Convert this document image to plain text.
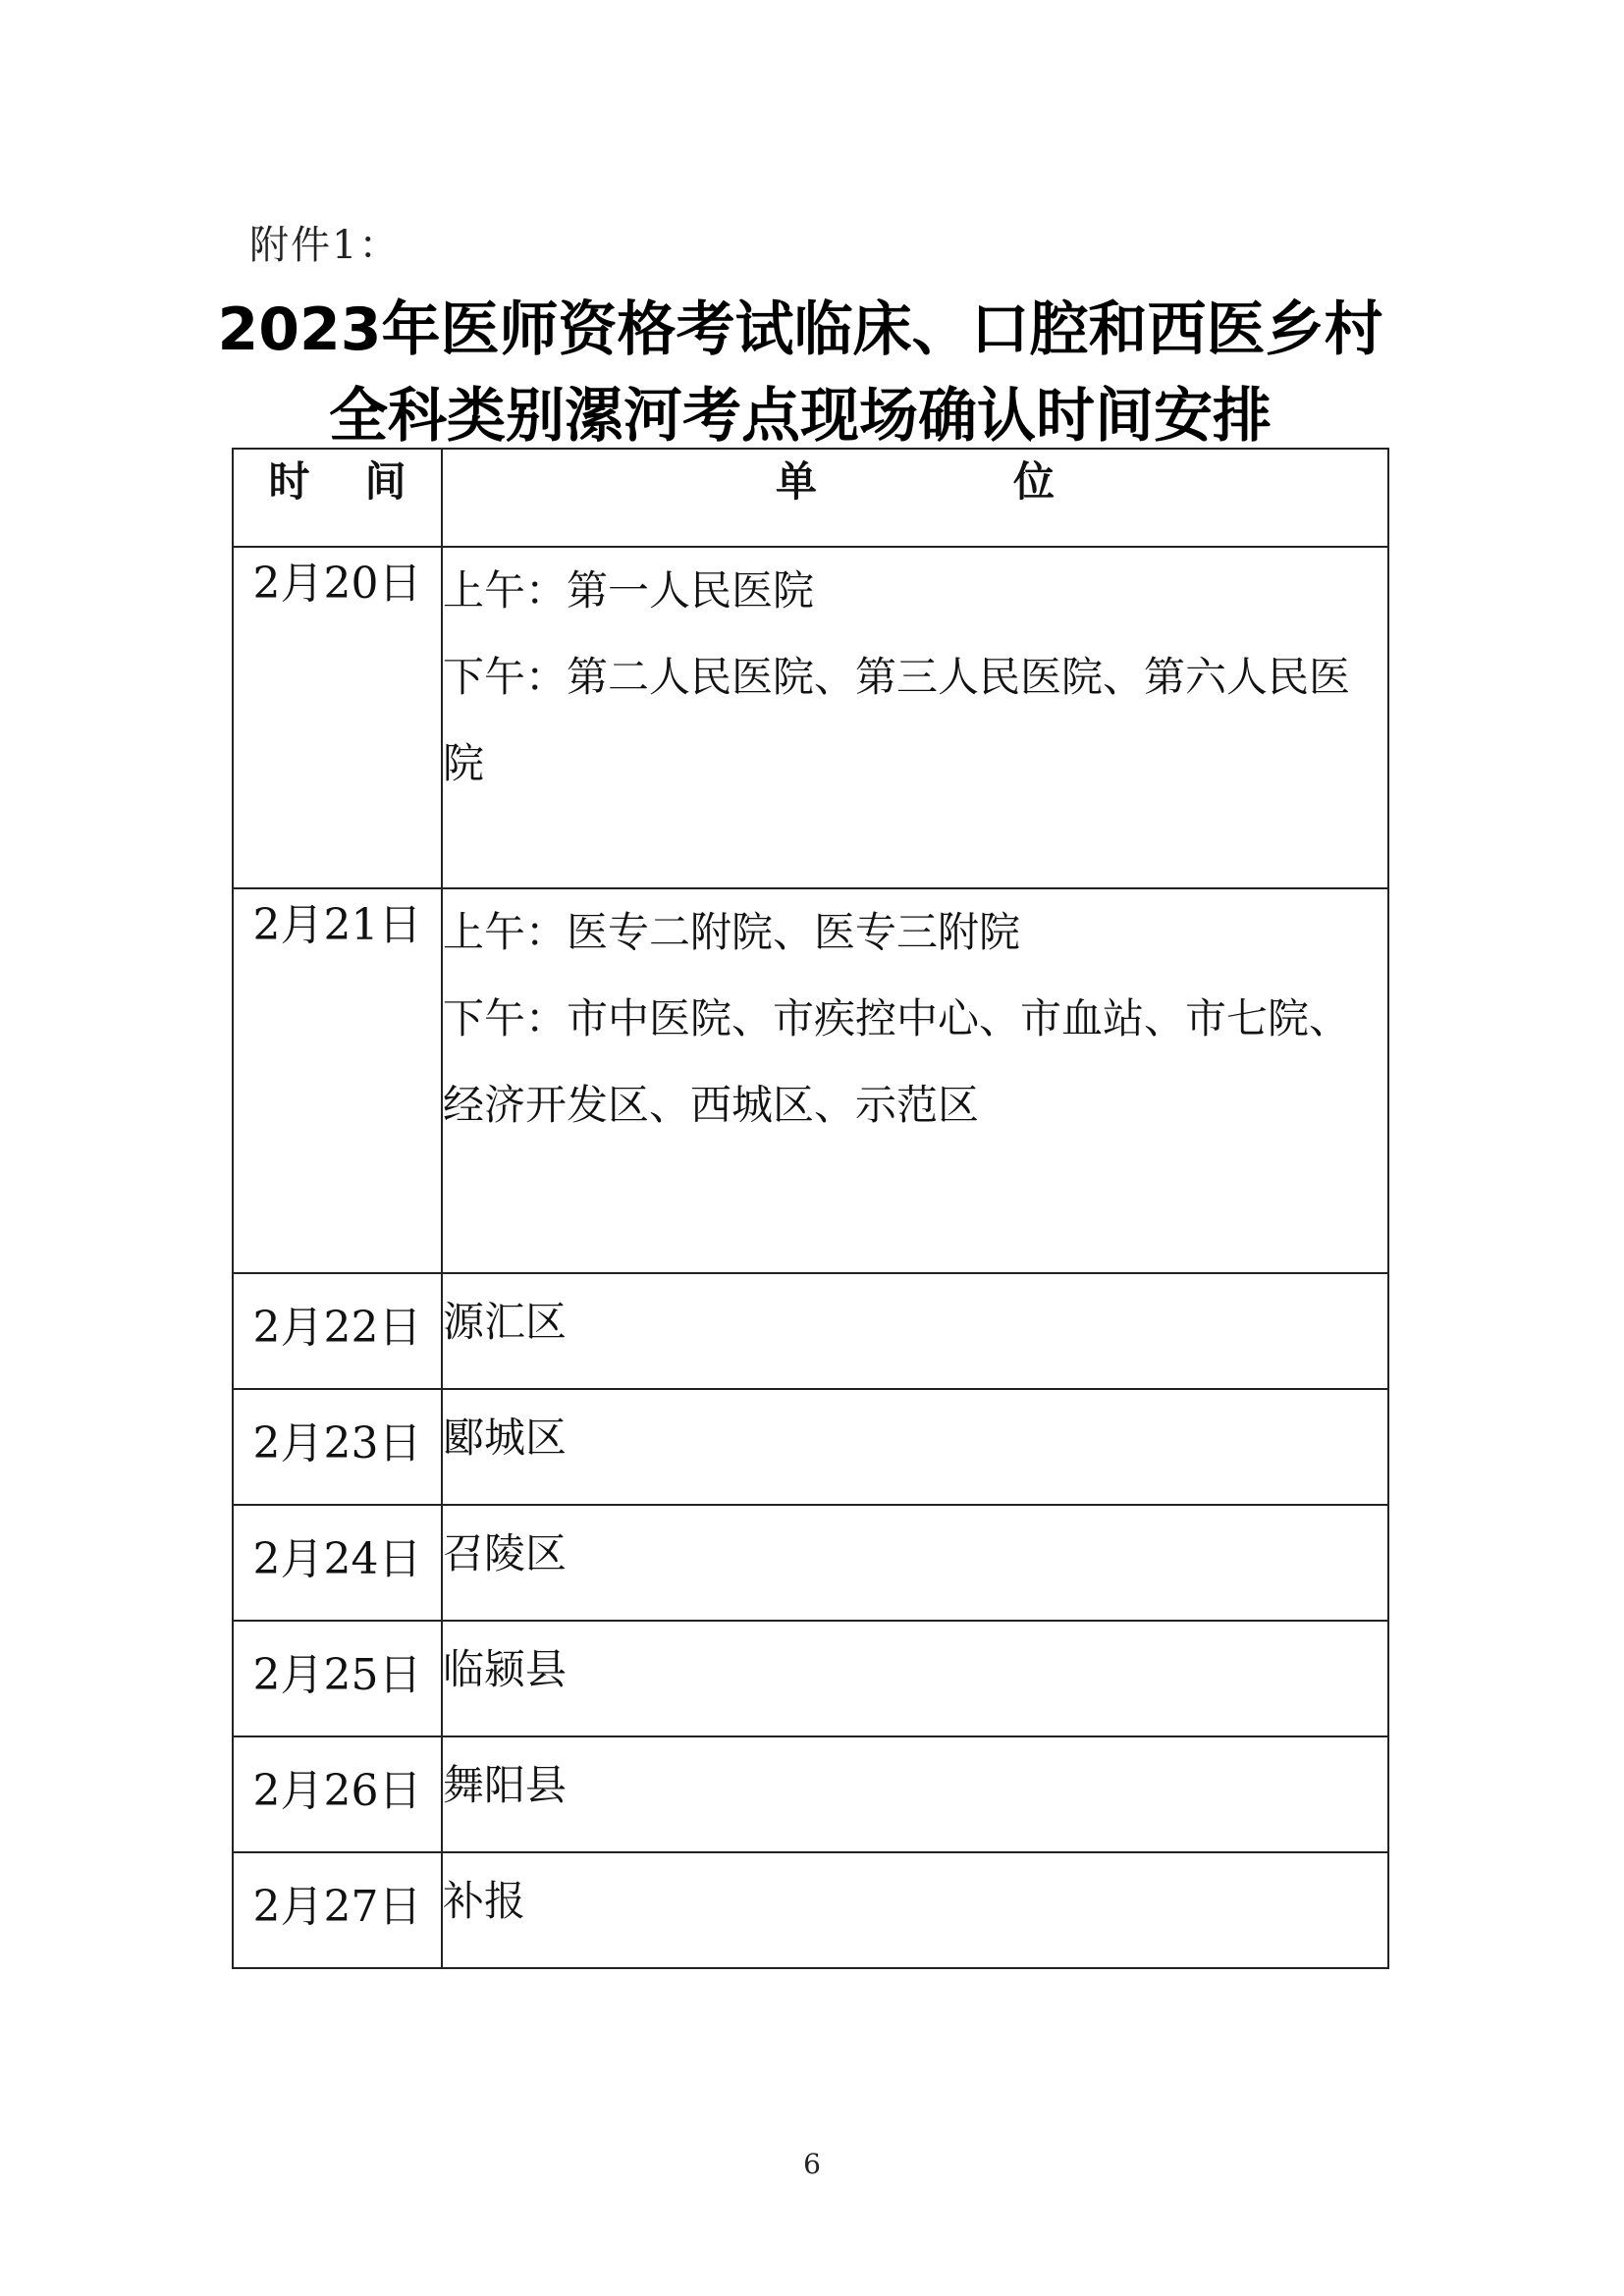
附件1：
2023年医师资格考试临床、口腔和西医乡村
全科类别漯河考点现场确认时间安排
时 间	单 位
2月20日	上午：第一人民医院
下午：第二人民医院、第三人民医院、第六人民医院

2月21日	上午：医专二附院、医专三附院
下午：市中医院、市疾控中心、市血站、市七院、经济开发区、西城区、示范区

2月22日	源汇区

2月23日	郾城区

2月24日	召陵区

2月25日	临颍县

2月26日	舞阳县

2月27日	补报
6
